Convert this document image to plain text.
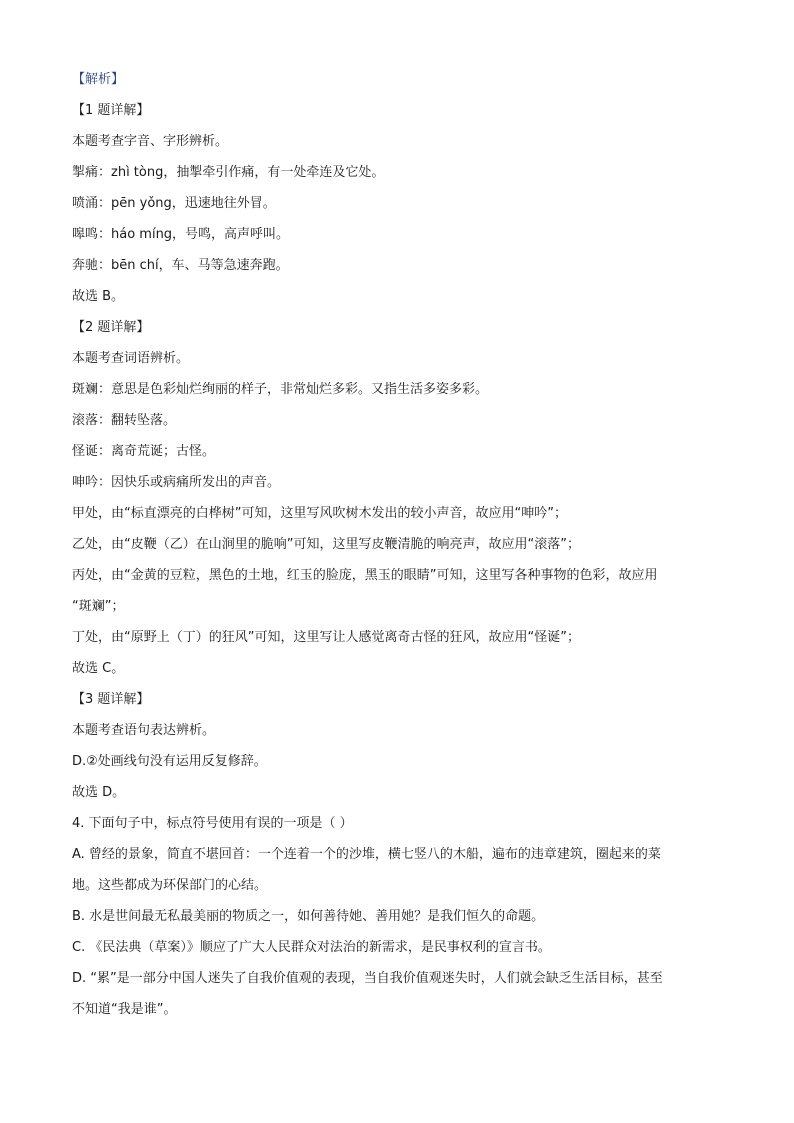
【解析】
【1 题详解】
本题考查字音、字形辨析。
掣痛：zhì tòng，抽掣牵引作痛，有一处牵连及它处。
喷涌：pēn yǒng，迅速地往外冒。
嗥鸣：háo míng，号鸣，高声呼叫。
奔驰：bēn chí，车、马等急速奔跑。
故选 B。
【2 题详解】
本题考查词语辨析。
斑斓：意思是色彩灿烂绚丽的样子，非常灿烂多彩。又指生活多姿多彩。
滚落：翻转坠落。
怪诞：离奇荒诞；古怪。
呻吟：因快乐或病痛所发出的声音。
甲处，由“标直漂亮的白桦树”可知，这里写风吹树木发出的较小声音，故应用“呻吟”；
乙处，由“皮鞭（乙）在山涧里的脆响”可知，这里写皮鞭清脆的响亮声，故应用“滚落”；
丙处，由“金黄的豆粒，黑色的土地，红玉的脸庞，黑玉的眼睛”可知，这里写各种事物的色彩，故应用
“斑斓”；
丁处，由“原野上（丁）的狂风”可知，这里写让人感觉离奇古怪的狂风，故应用“怪诞”；
故选 C。
【3 题详解】
本题考查语句表达辨析。
D.②处画线句没有运用反复修辞。
故选 D。
4. 下面句子中，标点符号使用有误的一项是（ ）
A. 曾经的景象，简直不堪回首：一个连着一个的沙堆，横七竖八的木船，遍布的违章建筑，圈起来的菜
地。这些都成为环保部门的心结。
B. 水是世间最无私最美丽的物质之一，如何善待她、善用她？是我们恒久的命题。
C. 《民法典（草案）》顺应了广大人民群众对法治的新需求，是民事权利的宣言书。
D. “累”是一部分中国人迷失了自我价值观的表现，当自我价值观迷失时，人们就会缺乏生活目标，甚至
不知道“我是谁”。
